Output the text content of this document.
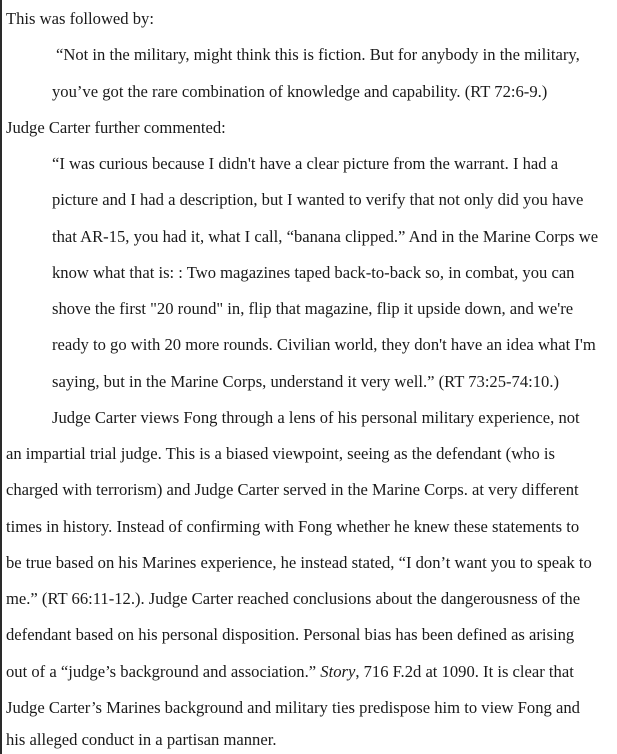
This was followed by:
“Not in the military, might think this is fiction. But for anybody in the military,
you’ve got the rare combination of knowledge and capability. (RT 72:6-9.)
Judge Carter further commented:
“I was curious because I didn't have a clear picture from the warrant. I had a
picture and I had a description, but I wanted to verify that not only did you have
that AR-15, you had it, what I call, “banana clipped.” And in the Marine Corps we
know what that is: : Two magazines taped back-to-back so, in combat, you can
shove the first "20 round" in, flip that magazine, flip it upside down, and we're
ready to go with 20 more rounds. Civilian world, they don't have an idea what I'm
saying, but in the Marine Corps, understand it very well.” (RT 73:25-74:10.)
Judge Carter views Fong through a lens of his personal military experience, not
an impartial trial judge. This is a biased viewpoint, seeing as the defendant (who is
charged with terrorism) and Judge Carter served in the Marine Corps. at very different
times in history. Instead of confirming with Fong whether he knew these statements to
be true based on his Marines experience, he instead stated, “I don’t want you to speak to
me.” (RT 66:11-12.). Judge Carter reached conclusions about the dangerousness of the
defendant based on his personal disposition. Personal bias has been defined as arising
out of a “judge’s background and association.” Story, 716 F.2d at 1090. It is clear that
Judge Carter’s Marines background and military ties predispose him to view Fong and
his alleged conduct in a partisan manner.
